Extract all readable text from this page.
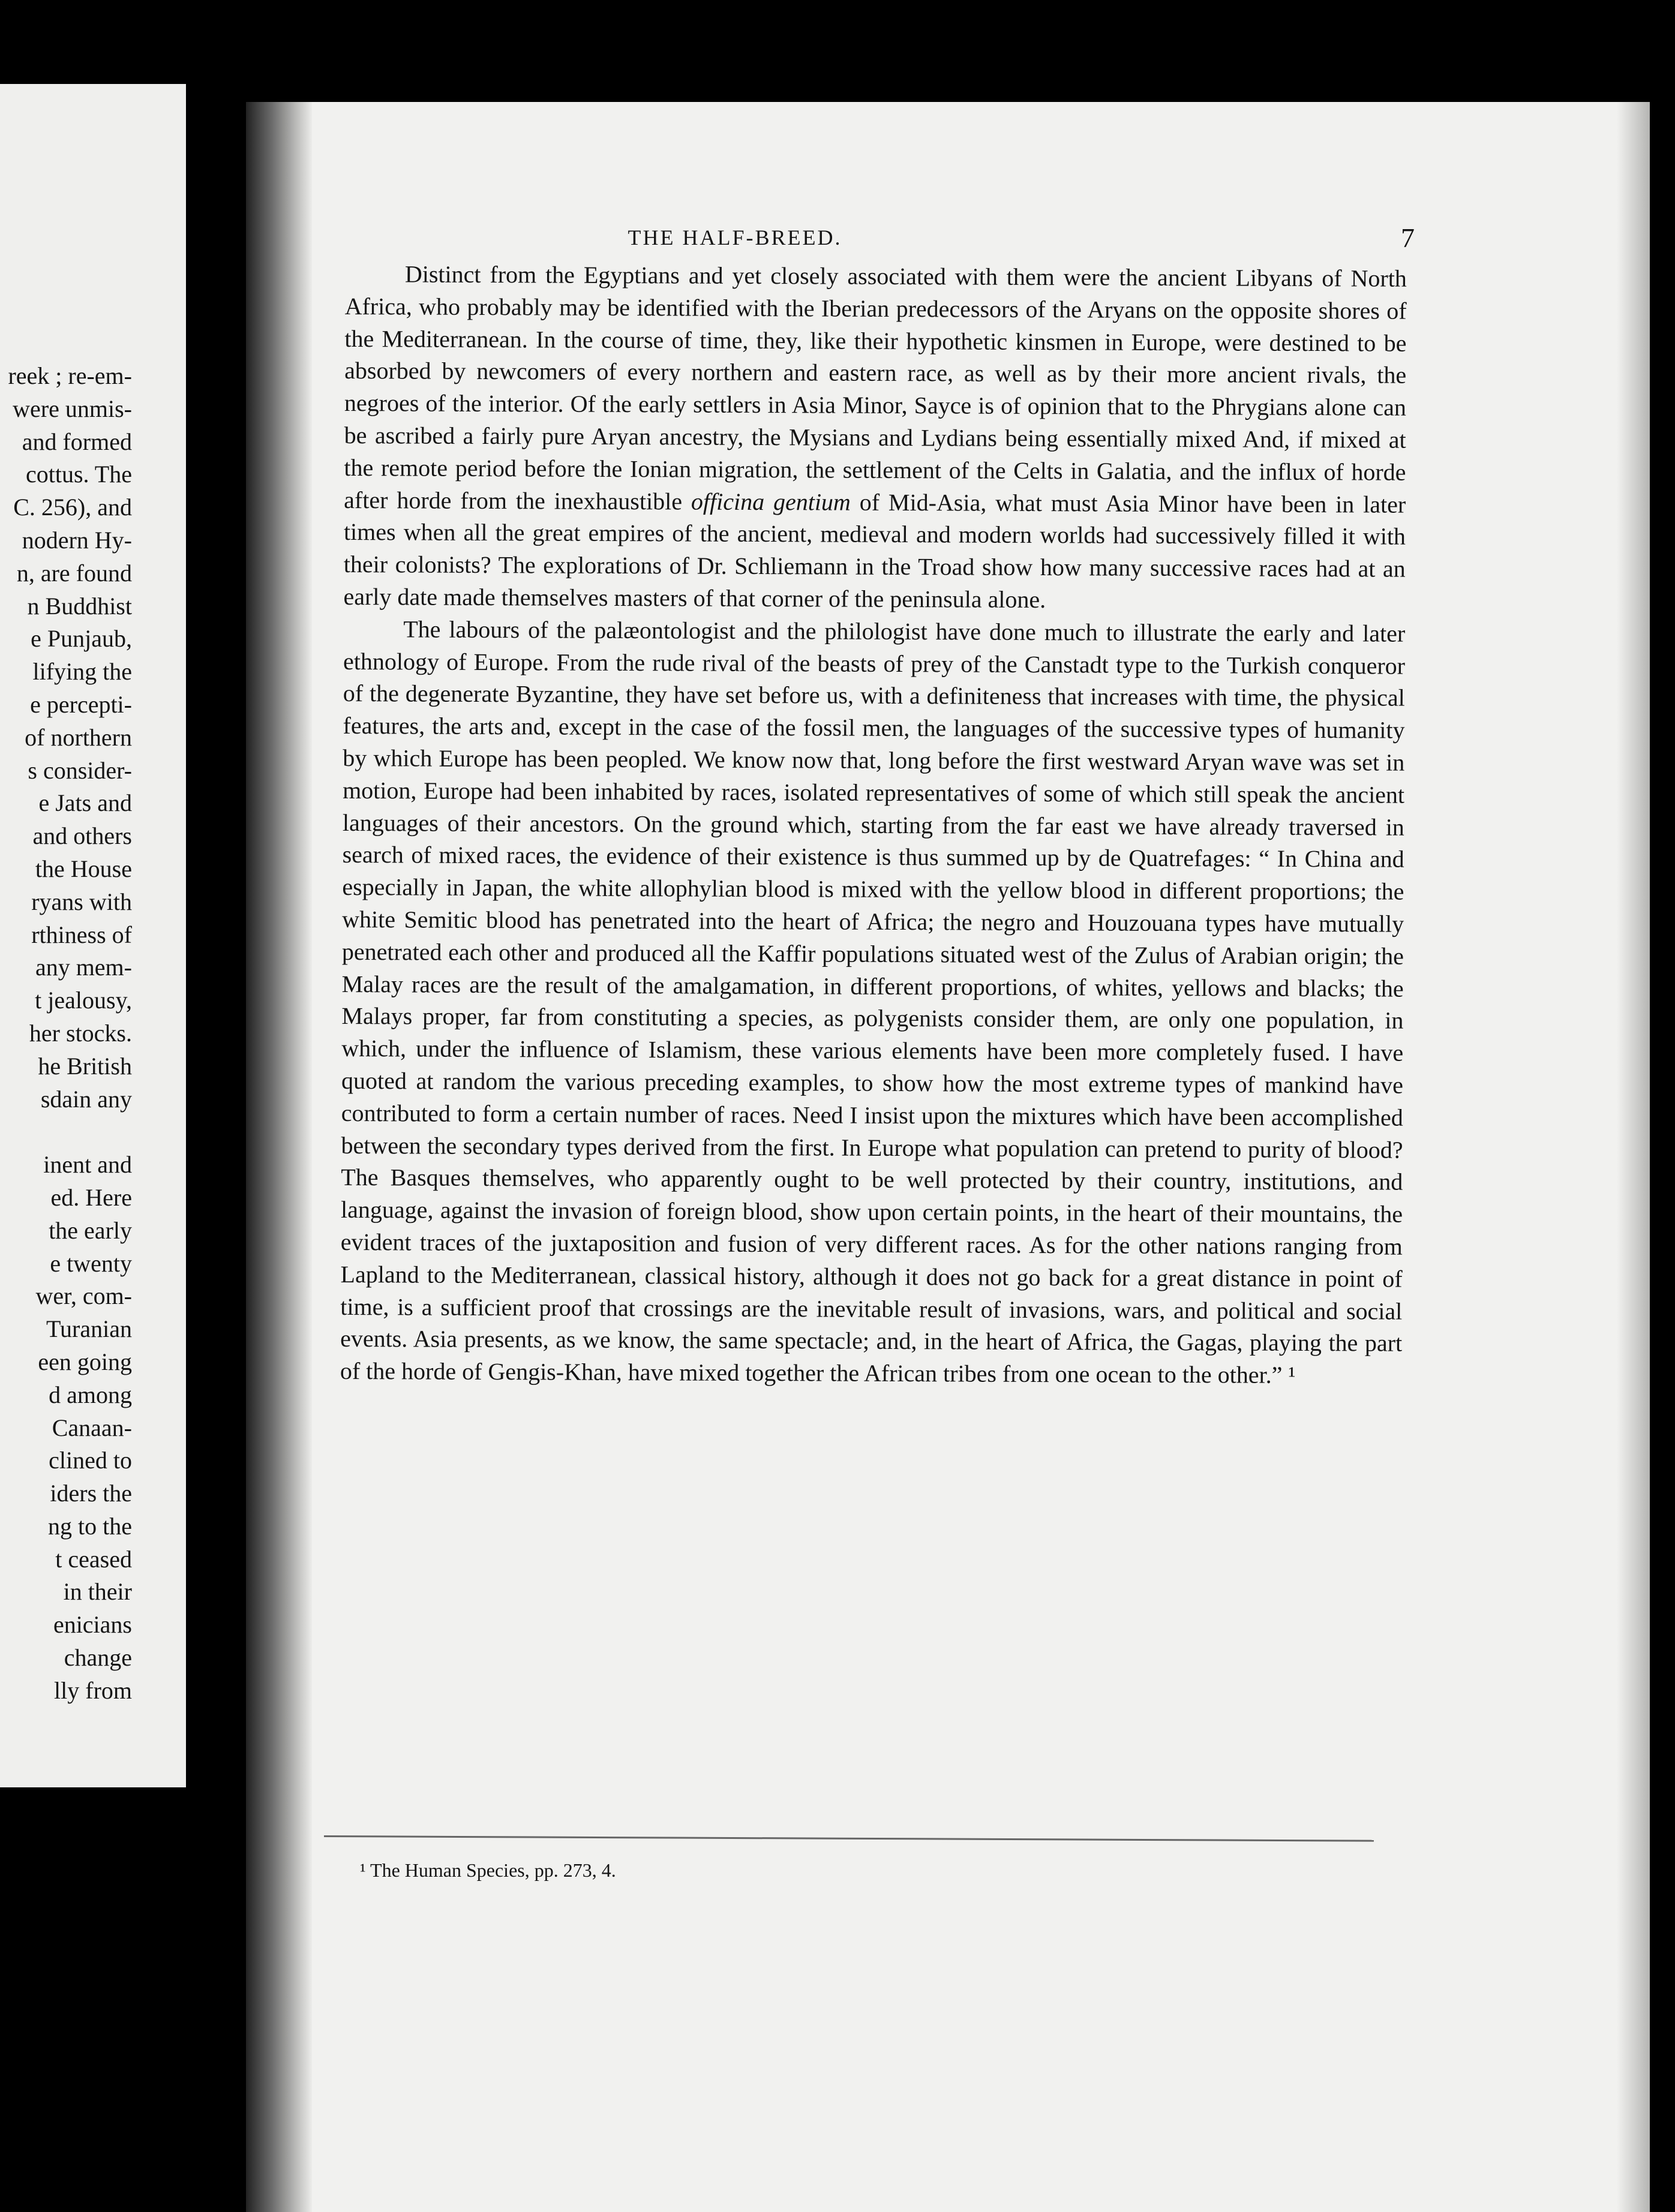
reek ; re-em-
were unmis-
and formed
cottus. The
C. 256), and
nodern Hy-
n, are found
n Buddhist
e Punjaub,
lifying the
e percepti-
of northern
s consider-
e Jats and
and others
the House
ryans with
rthiness of
any mem-
t jealousy,
her stocks.
he British
sdain any
inent and
ed. Here
the early
e twenty
wer, com-
Turanian
een going
d among
Canaan-
clined to
iders the
ng to the
t ceased
in their
enicians
change
lly from
THE HALF-BREED.	7

Distinct from the Egyptians and yet closely associated with them were the ancient Libyans of North Africa, who probably may be identified with the Iberian predecessors of the Aryans on the opposite shores of the Mediterranean. In the course of time, they, like their hypothetic kinsmen in Europe, were destined to be absorbed by newcomers of every northern and eastern race, as well as by their more ancient rivals, the negroes of the interior. Of the early settlers in Asia Minor, Sayce is of opinion that to the Phrygians alone can be ascribed a fairly pure Aryan ancestry, the Mysians and Lydians being essentially mixed And, if mixed at the remote period before the Ionian migration, the settlement of the Celts in Galatia, and the influx of horde after horde from the inexhaustible officina gentium of Mid-Asia, what must Asia Minor have been in later times when all the great empires of the ancient, medieval and modern worlds had successively filled it with their colonists? The explorations of Dr. Schliemann in the Troad show how many successive races had at an early date made themselves masters of that corner of the peninsula alone.

The labours of the palæontologist and the philologist have done much to illustrate the early and later ethnology of Europe. From the rude rival of the beasts of prey of the Canstadt type to the Turkish conqueror of the degenerate Byzantine, they have set before us, with a definiteness that increases with time, the physical features, the arts and, except in the case of the fossil men, the languages of the successive types of humanity by which Europe has been peopled. We know now that, long before the first westward Aryan wave was set in motion, Europe had been inhabited by races, isolated representatives of some of which still speak the ancient languages of their ancestors. On the ground which, starting from the far east we have already traversed in search of mixed races, the evidence of their existence is thus summed up by de Quatrefages: “ In China and especially in Japan, the white allophylian blood is mixed with the yellow blood in different proportions; the white Semitic blood has penetrated into the heart of Africa; the negro and Houzouana types have mutually penetrated each other and produced all the Kaffir populations situated west of the Zulus of Arabian origin; the Malay races are the result of the amalgamation, in different proportions, of whites, yellows and blacks; the Malays proper, far from constituting a species, as polygenists consider them, are only one population, in which, under the influence of Islamism, these various elements have been more completely fused. I have quoted at random the various preceding examples, to show how the most extreme types of mankind have contributed to form a certain number of races. Need I insist upon the mixtures which have been accomplished between the secondary types derived from the first. In Europe what population can pretend to purity of blood? The Basques themselves, who apparently ought to be well protected by their country, institutions, and language, against the invasion of foreign blood, show upon certain points, in the heart of their mountains, the evident traces of the juxtaposition and fusion of very different races. As for the other nations ranging from Lapland to the Mediterranean, classical history, although it does not go back for a great distance in point of time, is a sufficient proof that crossings are the inevitable result of invasions, wars, and political and social events. Asia presents, as we know, the same spectacle; and, in the heart of Africa, the Gagas, playing the part of the horde of Gengis-Khan, have mixed together the African tribes from one ocean to the other.” ¹

¹ The Human Species, pp. 273, 4.
